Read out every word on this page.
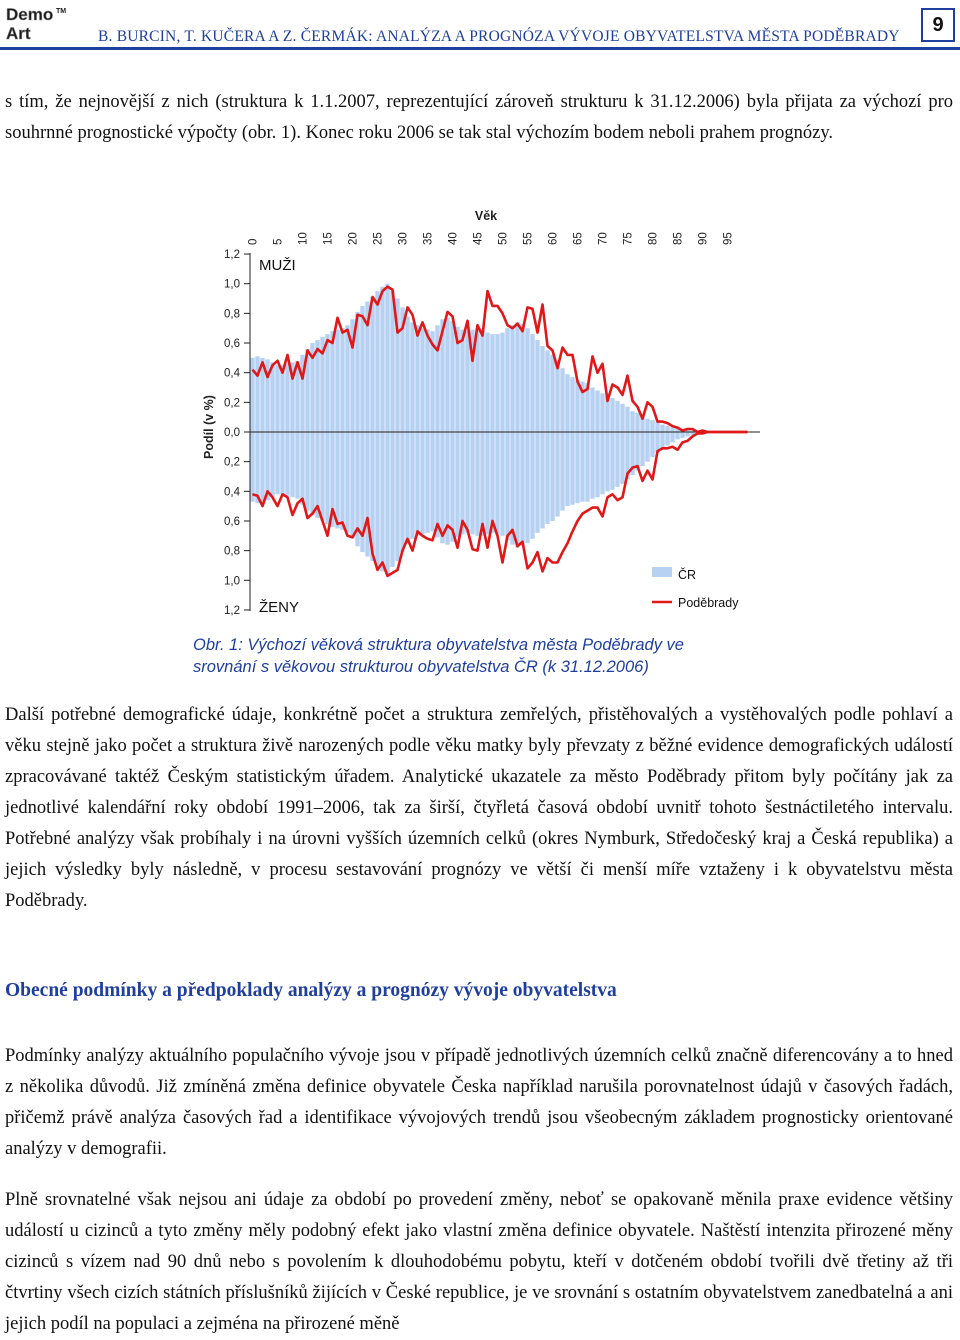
Demo
Art
TM
B. BURCIN, T. KUČERA A Z. ČERMÁK: ANALÝZA A PROGNÓZA VÝVOJE OBYVATELSTVA MĚSTA PODĚBRADY
9

s tím, že nejnovější z nich (struktura k 1.1.2007, reprezentující zároveň strukturu k 31.12.2006) byla přijata za výchozí pro souhrnné prognostické výpočty (obr. 1). Konec roku 2006 se tak stal výchozím bodem neboli prahem prognózy.

1,2
1,0
0,8
0,6
0,4
0,2
0,0
0,2
0,4
0,6
0,8
1,0
1,2
0 5 10 15 20 25 30 35 40 45 50 55 60 65 70 75 80 85 90 95
Věk
Podíl (v %)
MUŽI
ŽENY
ČR
Poděbrady
Obr. 1: Výchozí věková struktura obyvatelstva města Poděbrady ve
srovnání s věkovou strukturou obyvatelstva ČR (k 31.12.2006)

Další potřebné demografické údaje, konkrétně počet a struktura zemřelých, přistěhovalých a vystěhovalých podle pohlaví a věku stejně jako počet a struktura živě narozených podle věku matky byly převzaty z běžné evidence demografických událostí zpracovávané taktéž Českým statistickým úřadem. Analytické ukazatele za město Poděbrady přitom byly počítány jak za jednotlivé kalendářní roky období 1991–2006, tak za širší, čtyřletá časová období uvnitř tohoto šestnáctiletého intervalu. Potřebné analýzy však probíhaly i na úrovni vyšších územních celků (okres Nymburk, Středočeský kraj a Česká republika) a jejich výsledky byly následně, v procesu sestavování prognózy ve větší či menší míře vztaženy i k obyvatelstvu města Poděbrady.

Obecné podmínky a předpoklady analýzy a prognózy vývoje obyvatelstva

Podmínky analýzy aktuálního populačního vývoje jsou v případě jednotlivých územních celků značně diferencovány a to hned z několika důvodů. Již zmíněná změna definice obyvatele Česka například narušila porovnatelnost údajů v časových řadách, přičemž právě analýza časových řad a identifikace vývojových trendů jsou všeobecným základem prognosticky orientované analýzy v demografii.

Plně srovnatelné však nejsou ani údaje za období po provedení změny, neboť se opakovaně měnila praxe evidence většiny událostí u cizinců a tyto změny měly podobný efekt jako vlastní změna definice obyvatele. Naštěstí intenzita přirozené měny cizinců s vízem nad 90 dnů nebo s povolením k dlouhodobému pobytu, kteří v dotčeném období tvořili dvě třetiny až tři čtvrtiny všech cizích státních příslušníků žijících v České republice, je ve srovnání s ostatním obyvatelstvem zanedbatelná a ani jejich podíl na populaci a zejména na přirozené měně
